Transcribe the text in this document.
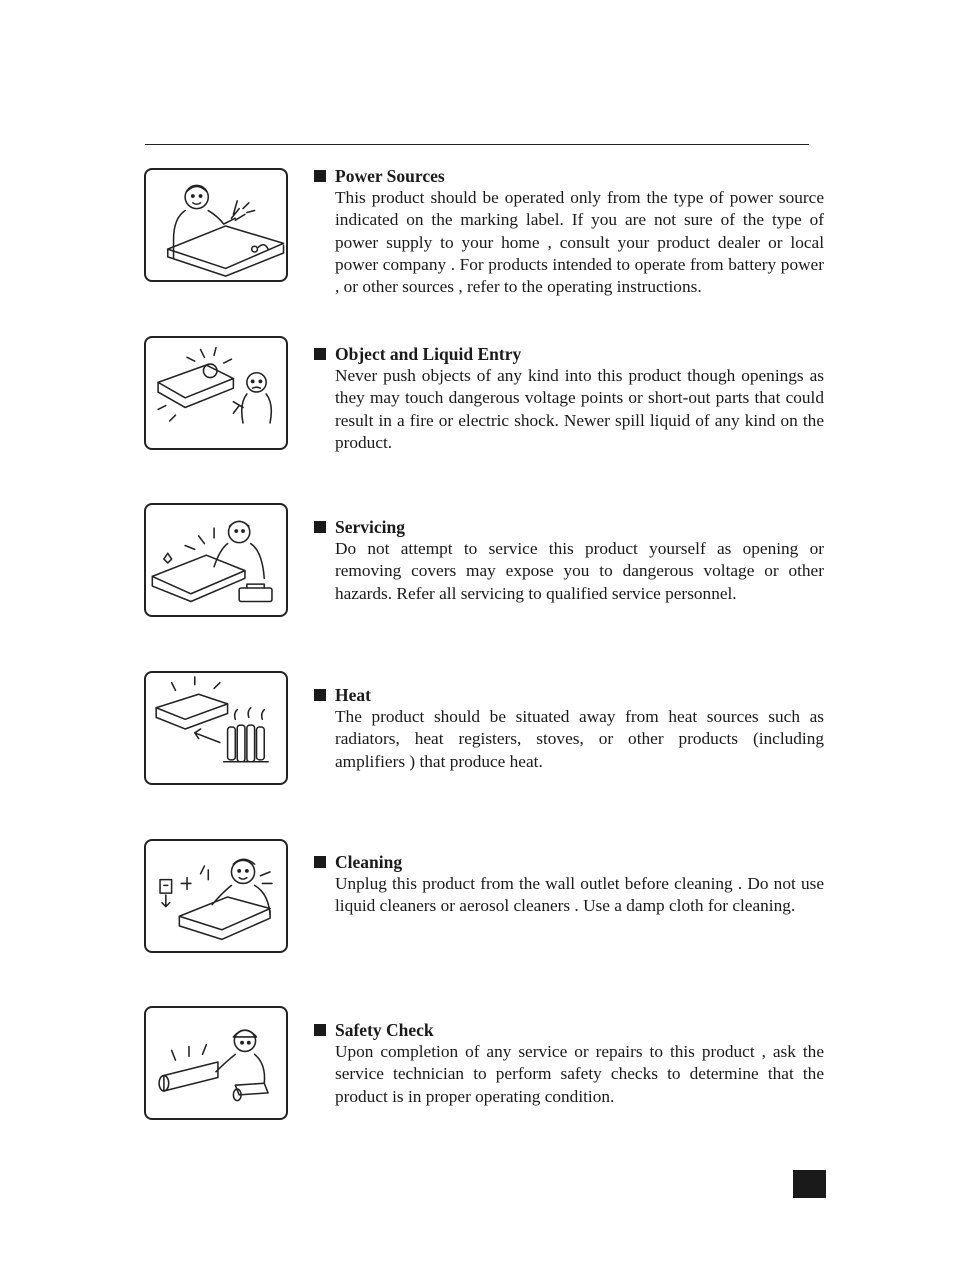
Power Sources
This product should be operated only from the type of power source indicated on the marking label. If you are not sure of the type of power supply to your home , consult your product dealer or local power company . For products intended to operate from battery power , or other sources , refer to the operating instructions.
Object and Liquid Entry
Never push objects of any kind into this product though openings as they may touch dangerous voltage points or short-out parts that could result in a fire or electric shock. Newer spill liquid of any kind on the product.
Servicing
Do not attempt to service this product yourself as opening or removing covers may expose you to dangerous voltage or other hazards. Refer all servicing to qualified service personnel.
Heat
The product should be situated away from heat sources such as radiators, heat registers, stoves, or other products (including amplifiers ) that produce heat.
Cleaning
Unplug this product from the wall outlet before cleaning . Do not use liquid cleaners or aerosol cleaners . Use a damp cloth for cleaning.
Safety Check
Upon completion of any service or repairs to this product , ask the service technician to perform safety checks to determine that the product is in proper operating condition.
